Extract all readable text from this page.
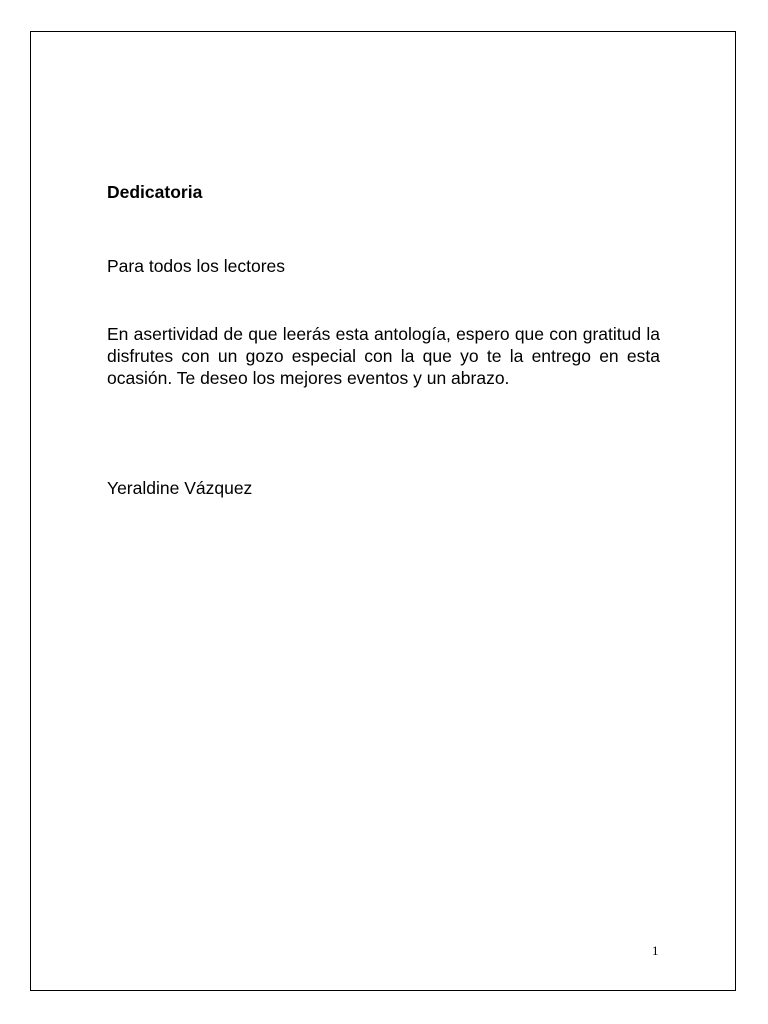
Dedicatoria
Para todos los lectores

En asertividad de que leerás esta antología, espero que con gratitud la disfrutes con un gozo especial con la que yo te la entrego en esta ocasión. Te deseo los mejores eventos y un abrazo.

Yeraldine Vázquez
1
